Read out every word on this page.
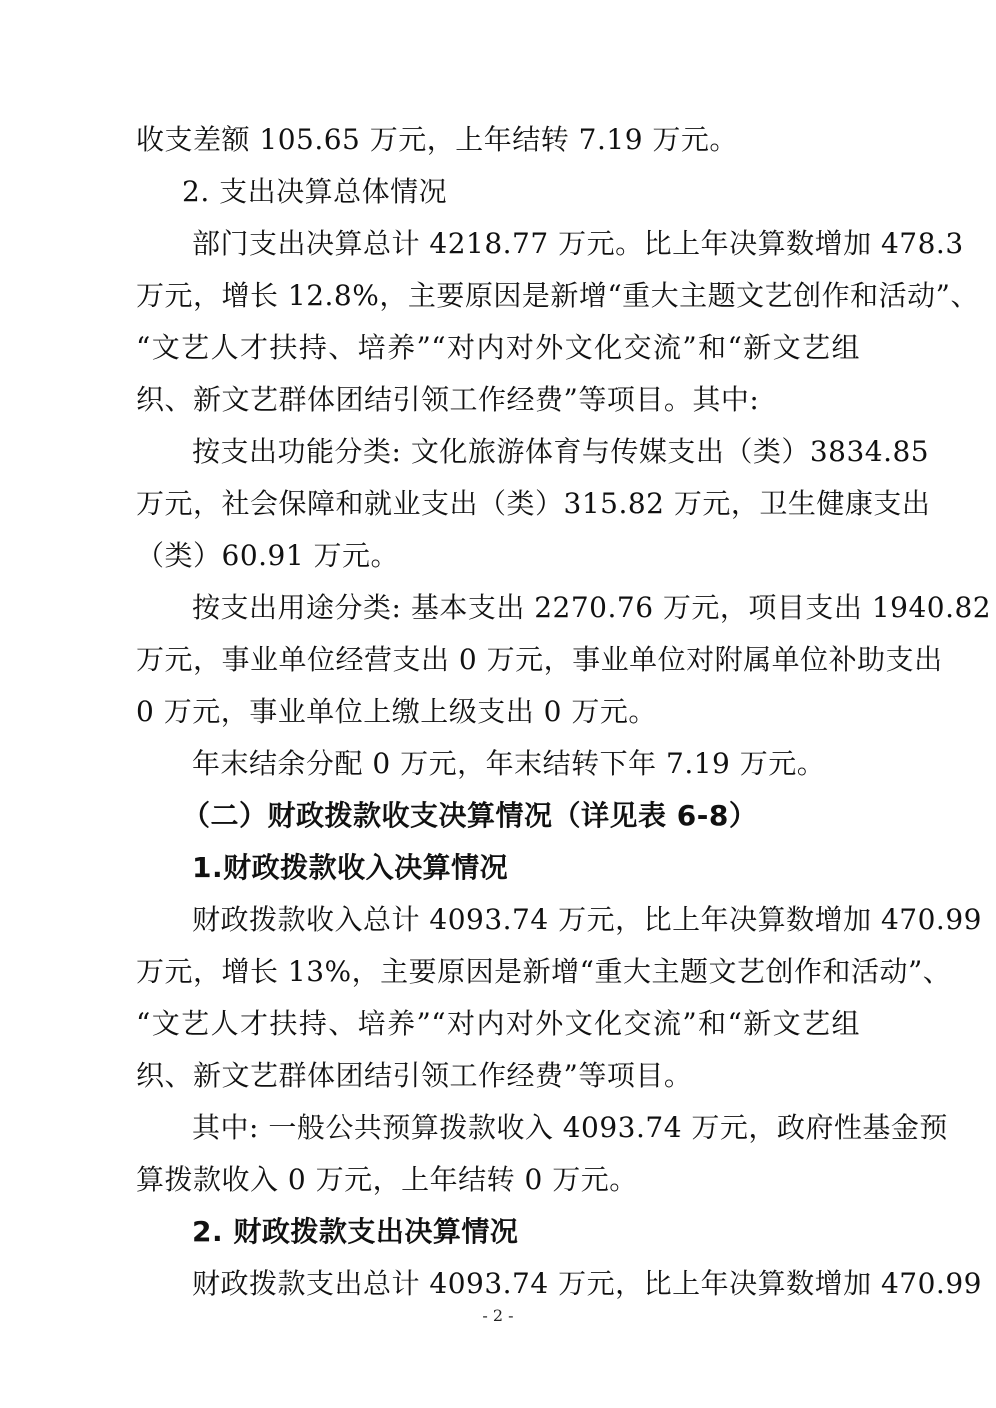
收支差额 105.65 万元，上年结转 7.19 万元。
2. 支出决算总体情况
部门支出决算总计 4218.77 万元。比上年决算数增加 478.3
万元，增长 12.8%，主要原因是新增“重大主题文艺创作和活动”、
“文艺人才扶持、培养”“对内对外文化交流”和“新文艺组
织、新文艺群体团结引领工作经费”等项目。其中:
按支出功能分类: 文化旅游体育与传媒支出（类）3834.85
万元，社会保障和就业支出（类）315.82 万元，卫生健康支出
（类）60.91 万元。
按支出用途分类: 基本支出 2270.76 万元，项目支出 1940.82
万元，事业单位经营支出 0 万元，事业单位对附属单位补助支出
0 万元，事业单位上缴上级支出 0 万元。
年末结余分配 0 万元，年末结转下年 7.19 万元。
（二）财政拨款收支决算情况（详见表 6-8）
1.财政拨款收入决算情况
财政拨款收入总计 4093.74 万元，比上年决算数增加 470.99
万元，增长 13%，主要原因是新增“重大主题文艺创作和活动”、
“文艺人才扶持、培养”“对内对外文化交流”和“新文艺组
织、新文艺群体团结引领工作经费”等项目。
其中: 一般公共预算拨款收入 4093.74 万元，政府性基金预
算拨款收入 0 万元，上年结转 0 万元。
2. 财政拨款支出决算情况
财政拨款支出总计 4093.74 万元，比上年决算数增加 470.99
- 2 -
